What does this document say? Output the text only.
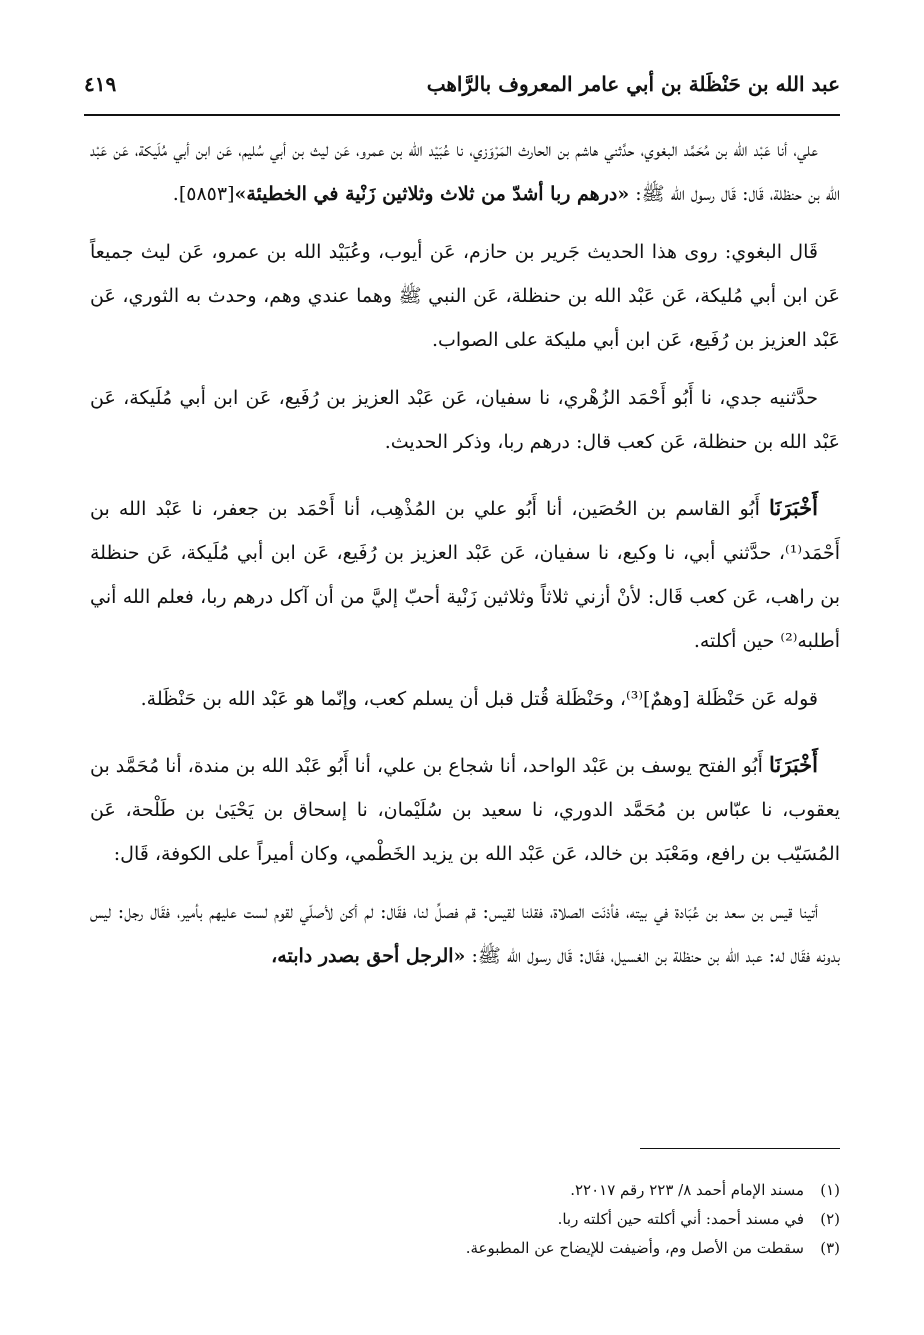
عبد الله بن حَنْظَلة بن أبي عامر المعروف بالرَّاهب
٤١٩

علي، أنا عَبْد الله بن مُحَمَّد البغوي، حدَّثني هاشم بن الحارث المَرْوَزي، نا عُبَيْد الله بن عمرو، عَن ليث بن أبي سُليم، عَن ابن أبي مُلَيكة، عَن عَبْد الله بن حنظلة، قَال: قَال رسول الله ﷺ: «درهم ربا أشدّ من ثلاث وثلاثين زَنْية في الخطيئة»[٥٨٥٣].

قَال البغوي: روى هذا الحديث جَرير بن حازم، عَن أيوب، وعُبَيْد الله بن عمرو، عَن ليث جميعاً عَن ابن أبي مُليكة، عَن عَبْد الله بن حنظلة، عَن النبي ﷺ وهما عندي وهم، وحدث به الثوري، عَن عَبْد العزيز بن رُفَيع، عَن ابن أبي مليكة على الصواب.

حدَّثنيه جدي، نا أَبُو أَحْمَد الزُهْري، نا سفيان، عَن عَبْد العزيز بن رُفَيع، عَن ابن أبي مُلَيكة، عَن عَبْد الله بن حنظلة، عَن كعب قال: درهم ربا، وذكر الحديث.

أَخْبَرَنَا أَبُو القاسم بن الحُصَين، أنا أَبُو علي بن المُذْهِب، أنا أَحْمَد بن جعفر، نا عَبْد الله بن أَحْمَد⁽¹⁾، حدَّثني أبي، نا وكيع، نا سفيان، عَن عَبْد العزيز بن رُفَيع، عَن ابن أبي مُلَيكة، عَن حنظلة بن راهب، عَن كعب قَال: لأنْ أزني ثلاثاً وثلاثين زَنْية أحبّ إليَّ من أن آكل درهم ربا، فعلم الله أني أطلبه⁽²⁾ حين أكلته.

قوله عَن حَنْظَلة [وهمٌ]⁽³⁾، وحَنْظَلة قُتل قبل أن يسلم كعب، وإنّما هو عَبْد الله بن حَنْظَلة.

أَخْبَرَنَا أَبُو الفتح يوسف بن عَبْد الواحد، أنا شجاع بن علي، أنا أَبُو عَبْد الله بن مندة، أنا مُحَمَّد بن يعقوب، نا عبّاس بن مُحَمَّد الدوري، نا سعيد بن سُلَيْمان، نا إسحاق بن يَحْيَىٰ بن طَلْحة، عَن المُسَيّب بن رافع، ومَعْبَد بن خالد، عَن عَبْد الله بن يزيد الخَطْمي، وكان أميراً على الكوفة، قَال:

أتينا قيس بن سعد بن عُبَادة في بيته، فأذنَت الصلاة، فقلنا لقيس: قم فصلِّ لنا، فقَال: لم أكن لأصلّي لقوم لست عليهم بأمير، فقَال رجل: ليس بدونه فقَال له: عبد الله بن حنظلة بن الغسيل، فقَال: قَال رسول الله ﷺ: «الرجل أحق بصدر دابته،

(١)مسند الإمام أحمد ٨/ ٢٢٣ رقم ٢٢٠١٧.
(٢)في مسند أحمد: أني أكلته حين أكلته ربا.
(٣)سقطت من الأصل وم، وأضيفت للإيضاح عن المطبوعة.
